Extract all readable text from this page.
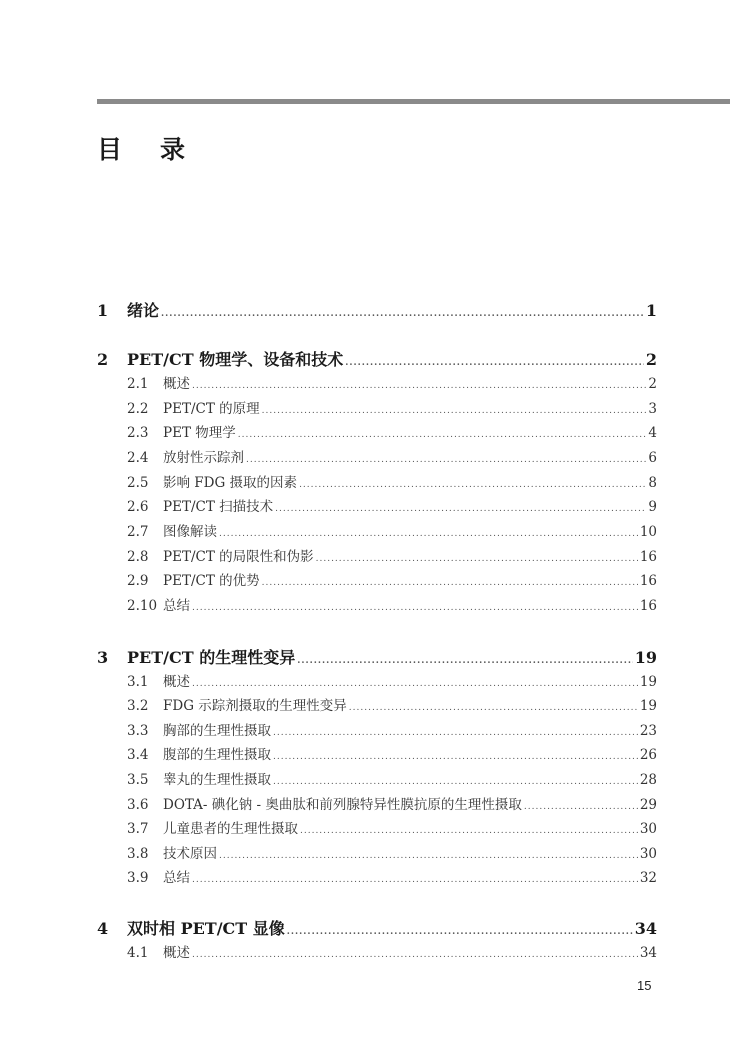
目 录
1	绪论 .....	1
2	PET/CT 物理学、设备和技术 .....	2
2.1	概述 .....	2
2.2	PET/CT 的原理 .....	3
2.3	PET 物理学 .....	4
2.4	放射性示踪剂 .....	6
2.5	影响 FDG 摄取的因素 .....	8
2.6	PET/CT 扫描技术 .....	9
2.7	图像解读 .....	10
2.8	PET/CT 的局限性和伪影 .....	16
2.9	PET/CT 的优势 .....	16
2.10 总结 .....	16
3	PET/CT 的生理性变异 .....	19
3.1	概述 .....	19
3.2	FDG 示踪剂摄取的生理性变异 .....	19
3.3	胸部的生理性摄取 .....	23
3.4	腹部的生理性摄取 .....	26
3.5	睾丸的生理性摄取 .....	28
3.6	DOTA- 碘化钠 - 奥曲肽和前列腺特异性膜抗原的生理性摄取 .....	29
3.7	儿童患者的生理性摄取 .....	30
3.8	技术原因 .....	30
3.9	总结 .....	32
4	双时相 PET/CT 显像 .....	34
4.1	概述 .....	34
15
